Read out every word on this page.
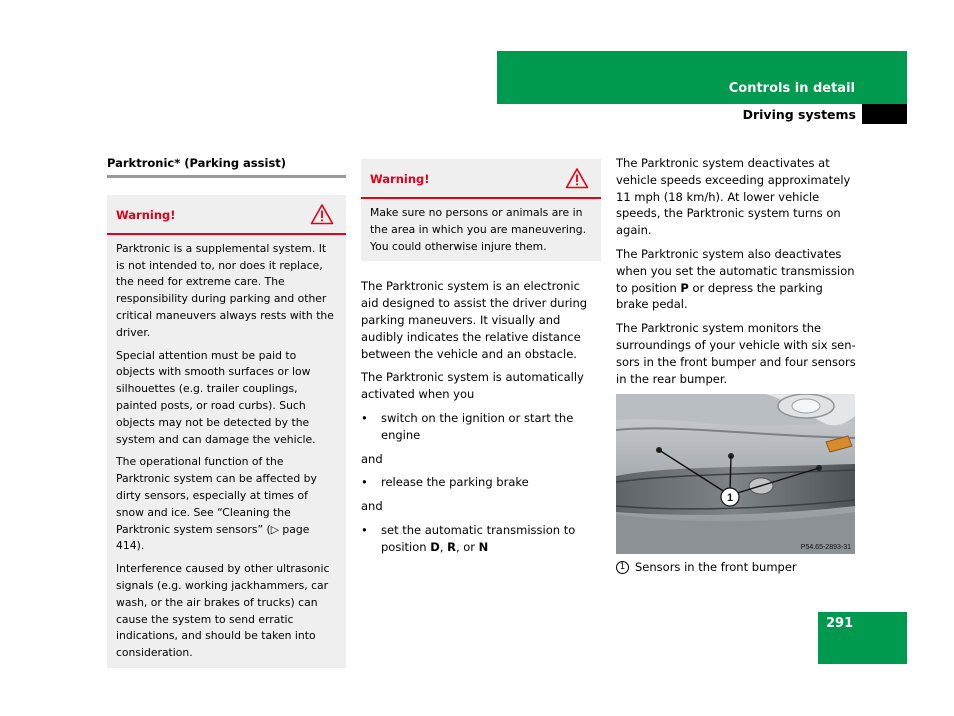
Controls in detail
Driving systems
Parktronic* (Parking assist)
Warning!

Parktronic is a supplemental system. It is not intended to, nor does it replace, the need for extreme care. The responsibility during parking and other critical maneuvers always rests with the driver.

Special attention must be paid to objects with smooth surfaces or low silhouettes (e.g. trailer couplings, painted posts, or road curbs). Such objects may not be detected by the system and can damage the vehicle.

The operational function of the Parktronic system can be affected by dirty sensors, especially at times of snow and ice. See “Cleaning the Parktronic system sensors” (▷ page 414).

Interference caused by other ultrasonic signals (e.g. working jackhammers, car wash, or the air brakes of trucks) can cause the system to send erratic indications, and should be taken into consideration.

Warning!

Make sure no persons or animals are in the area in which you are maneuvering. You could otherwise injure them.

The Parktronic system is an electronic aid designed to assist the driver during parking maneuvers. It visually and audibly indicates the relative distance between the vehicle and an obstacle.

The Parktronic system is automatically activated when you

•	switch on the ignition or start the engine

and

•	release the parking brake

and

•	set the automatic transmission to position D, R, or N

The Parktronic system deactivates at vehicle speeds exceeding approximately 11 mph (18 km/h). At lower vehicle speeds, the Parktronic system turns on again.

The Parktronic system also deactivates when you set the automatic transmission to position P or depress the parking brake pedal.

The Parktronic system monitors the surroundings of your vehicle with six sen-sors in the front bumper and four sensors in the rear bumper.

1
P54.65-2893-31
1 Sensors in the front bumper
291
